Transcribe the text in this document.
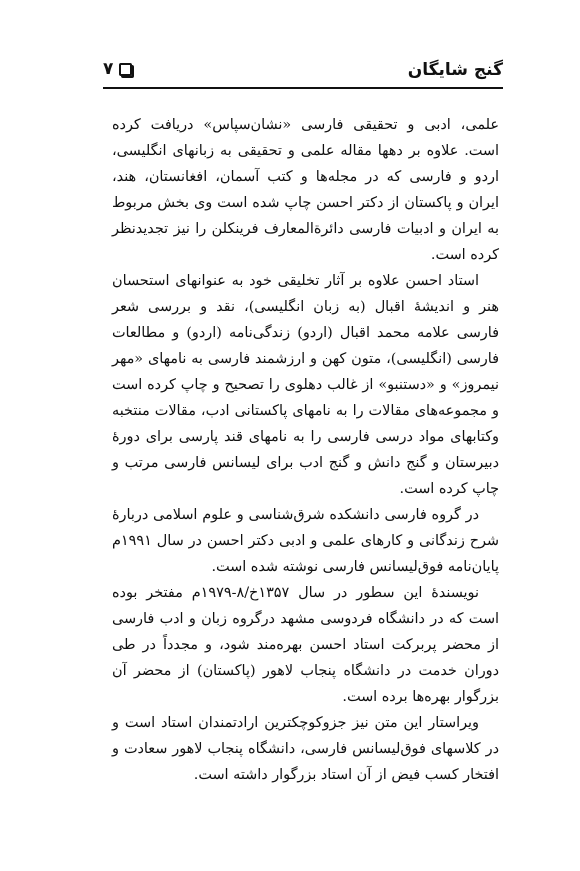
گنج شایگان
۷

علمی، ادبی و تحقیقی فارسی «نشان‌سپاس» دریافت کرده است. علاوه بر دهها مقاله علمی و تحقیقی به زبانهای انگلیسی، اردو و فارسی که در مجله‌ها و کتب آسمان، افغانستان، هند، ایران و پاکستان از دکتر احسن چاپ شده است وی بخش مربوط به ایران و ادبیات فارسی دائرةالمعارف فرینکلن را نیز تجدیدنظر کرده است.

استاد احسن علاوه بر آثار تخلیقی خود به عنوانهای استحسان هنر و اندیشهٔ اقبال (به زبان انگلیسی)، نقد و بررسی شعر فارسی علامه محمد اقبال (اردو) زندگی‌نامه (اردو) و مطالعات فارسی (انگلیسی)، متون کهن و ارزشمند فارسی به نامهای «مهر نیمروز» و «دستنبو» از غالب دهلوی را تصحیح و چاپ کرده است و مجموعه‌های مقالات را به نامهای پاکستانی ادب، مقالات منتخبه وکتابهای مواد درسی فارسی را به نامهای قند پارسی برای دورهٔ دبیرستان و گنج دانش و گنج ادب برای لیسانس فارسی مرتب و چاپ کرده است.

در گروه فارسی دانشکده شرق‌شناسی و علوم اسلامی دربارهٔ شرح زندگانی و کارهای علمی و ادبی دکتر احسن در سال ۱۹۹۱م پایان‌نامه فوق‌لیسانس فارسی نوشته شده است.

نویسندهٔ این سطور در سال ۱۳۵۷خ/۸-۱۹۷۹م مفتخر بوده است که در دانشگاه فردوسی مشهد درگروه زبان و ادب فارسی از محضر پربرکت استاد احسن بهره‌مند شود، و مجدداً در طی دوران خدمت در دانشگاه پنجاب لاهور (پاکستان) از محضر آن بزرگوار بهره‌ها برده است.

ویراستار این متن نیز جزوکوچکترین ارادتمندان استاد است و در کلاسهای فوق‌لیسانس فارسی، دانشگاه پنجاب لاهور سعادت و افتخار کسب فیض از آن استاد بزرگوار داشته است.
